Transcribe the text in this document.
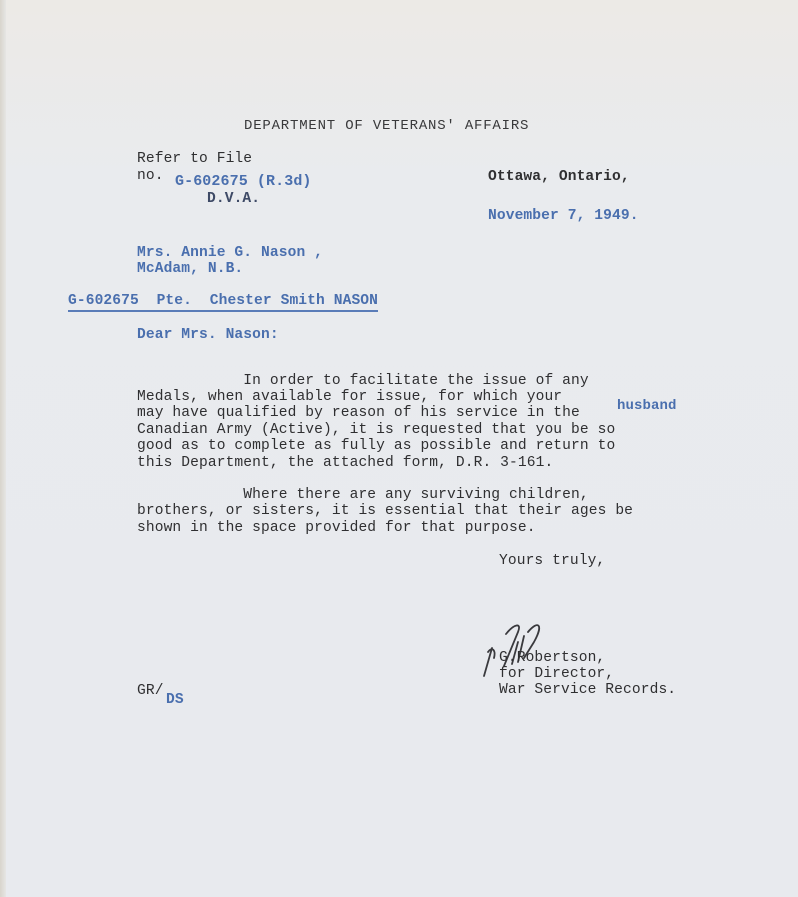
DEPARTMENT OF VETERANS' AFFAIRS
Refer to File
no. G-602675 (R.3d)
D.V.A.
Ottawa, Ontario,
November 7, 1949.
Mrs. Annie G. Nason ,
McAdam, N.B.
G-602675  Pte.  Chester Smith NASON
Dear Mrs. Nason:
In order to facilitate the issue of any
Medals, when available for issue, for which your
may have qualified by reason of his service in the
Canadian Army (Active), it is requested that you be so
good as to complete as fully as possible and return to
this Department, the attached form, D.R. 3-161.
husband
Where there are any surviving children,
brothers, or sisters, it is essential that their ages be
shown in the space provided for that purpose.
Yours truly,
G.Robertson,
for Director,
War Service Records.
GR/
DS
